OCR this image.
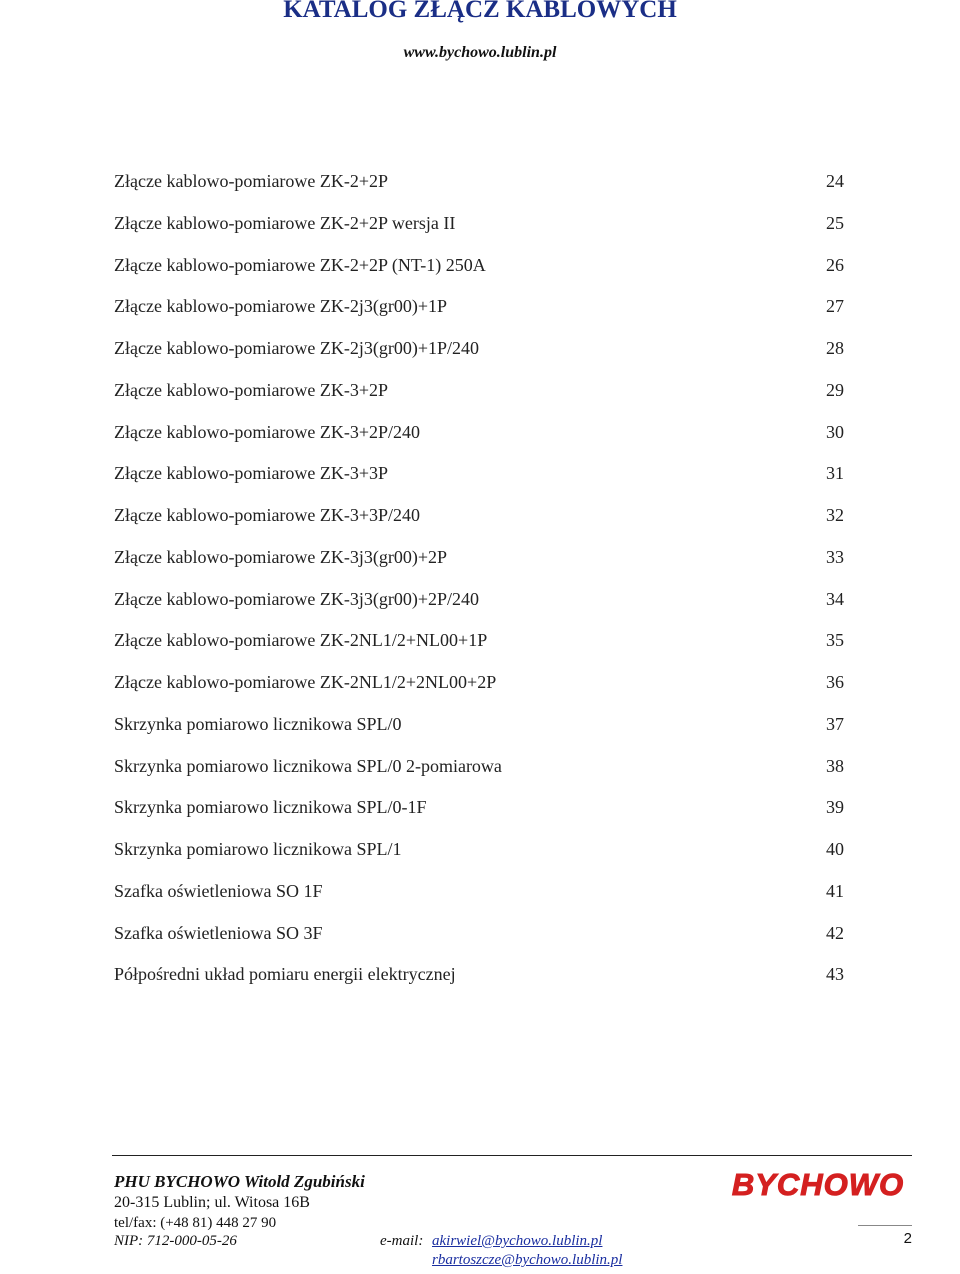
KATALOG ZŁĄCZ KABLOWYCH
www.bychowo.lublin.pl
Złącze kablowo-pomiarowe ZK-2+2P	24
Złącze kablowo-pomiarowe ZK-2+2P wersja II	25
Złącze kablowo-pomiarowe ZK-2+2P (NT-1) 250A	26
Złącze kablowo-pomiarowe ZK-2j3(gr00)+1P	27
Złącze kablowo-pomiarowe ZK-2j3(gr00)+1P/240	28
Złącze kablowo-pomiarowe ZK-3+2P	29
Złącze kablowo-pomiarowe ZK-3+2P/240	30
Złącze kablowo-pomiarowe ZK-3+3P	31
Złącze kablowo-pomiarowe ZK-3+3P/240	32
Złącze kablowo-pomiarowe ZK-3j3(gr00)+2P	33
Złącze kablowo-pomiarowe ZK-3j3(gr00)+2P/240	34
Złącze kablowo-pomiarowe ZK-2NL1/2+NL00+1P	35
Złącze kablowo-pomiarowe ZK-2NL1/2+2NL00+2P	36
Skrzynka pomiarowo licznikowa SPL/0	37
Skrzynka pomiarowo licznikowa SPL/0 2-pomiarowa	38
Skrzynka pomiarowo licznikowa SPL/0-1F	39
Skrzynka pomiarowo licznikowa SPL/1	40
Szafka oświetleniowa SO 1F	41
Szafka oświetleniowa SO 3F	42
Półpośredni układ pomiaru energii elektrycznej	43
PHU BYCHOWO Witold Zgubiński
20-315 Lublin; ul. Witosa 16B
tel/fax: (+48 81) 448 27 90
NIP: 712-000-05-26	e-mail: akirwiel@bychowo.lublin.pl
rbartoszcze@bychowo.lublin.pl
BYCHOWO
2
